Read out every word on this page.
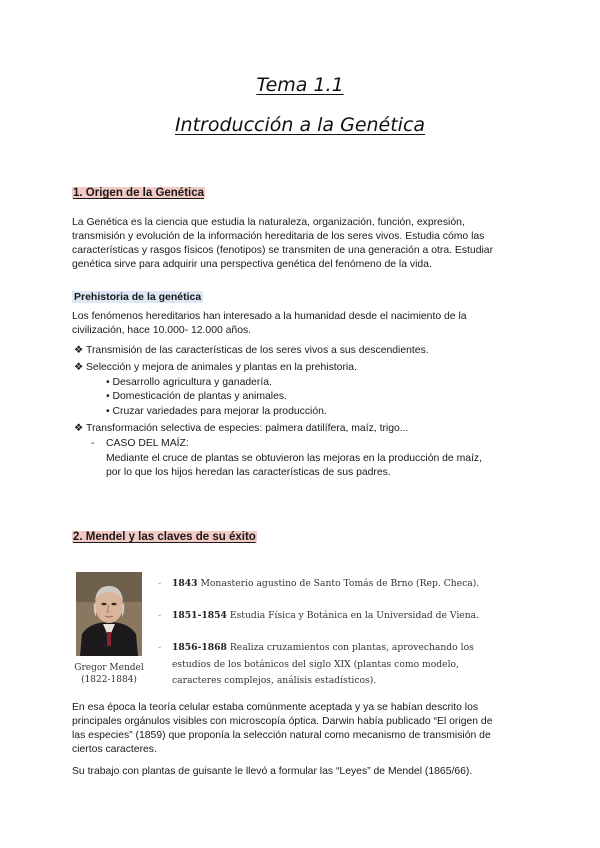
Tema 1.1
Introducción a la Genética
1. Origen de la Genética
La Genética es la ciencia que estudia la naturaleza, organización, función, expresión,
transmisión y evolución de la información hereditaria de los seres vivos. Estudia cómo las
características y rasgos físicos (fenotipos) se transmiten de una generación a otra. Estudiar
genética sirve para adquirir una perspectiva genética del fenómeno de la vida.
Prehistoria de la genética
Los fenómenos hereditarios han interesado a la humanidad desde el nacimiento de la
civilización, hace 10.000- 12.000 años.
❖ Transmisión de las características de los seres vivos a sus descendientes.
❖ Selección y mejora de animales y plantas en la prehistoria.
• Desarrollo agricultura y ganadería.
• Domesticación de plantas y animales.
• Cruzar variedades para mejorar la producción.
❖ Transformación selectiva de especies: palmera datilífera, maíz, trigo...
- CASO DEL MAÍZ:
Mediante el cruce de plantas se obtuvieron las mejoras en la producción de maíz,
por lo que los hijos heredan las características de sus padres.
2. Mendel y las claves de su éxito
Gregor Mendel
(1822-1884)
- 1843 Monasterio agustino de Santo Tomás de Brno (Rep. Checa).
- 1851-1854 Estudia Física y Botánica en la Universidad de Viena.
- 1856-1868 Realiza cruzamientos con plantas, aprovechando los
estudios de los botánicos del siglo XIX (plantas como modelo,
caracteres complejos, análisis estadísticos).
En esa época la teoría celular estaba comúnmente aceptada y ya se habían descrito los
principales orgánulos visibles con microscopía óptica. Darwin había publicado “El origen de
las especies” (1859) que proponía la selección natural como mecanismo de transmisión de
ciertos caracteres.
Su trabajo con plantas de guisante le llevó a formular las “Leyes” de Mendel (1865/66).
